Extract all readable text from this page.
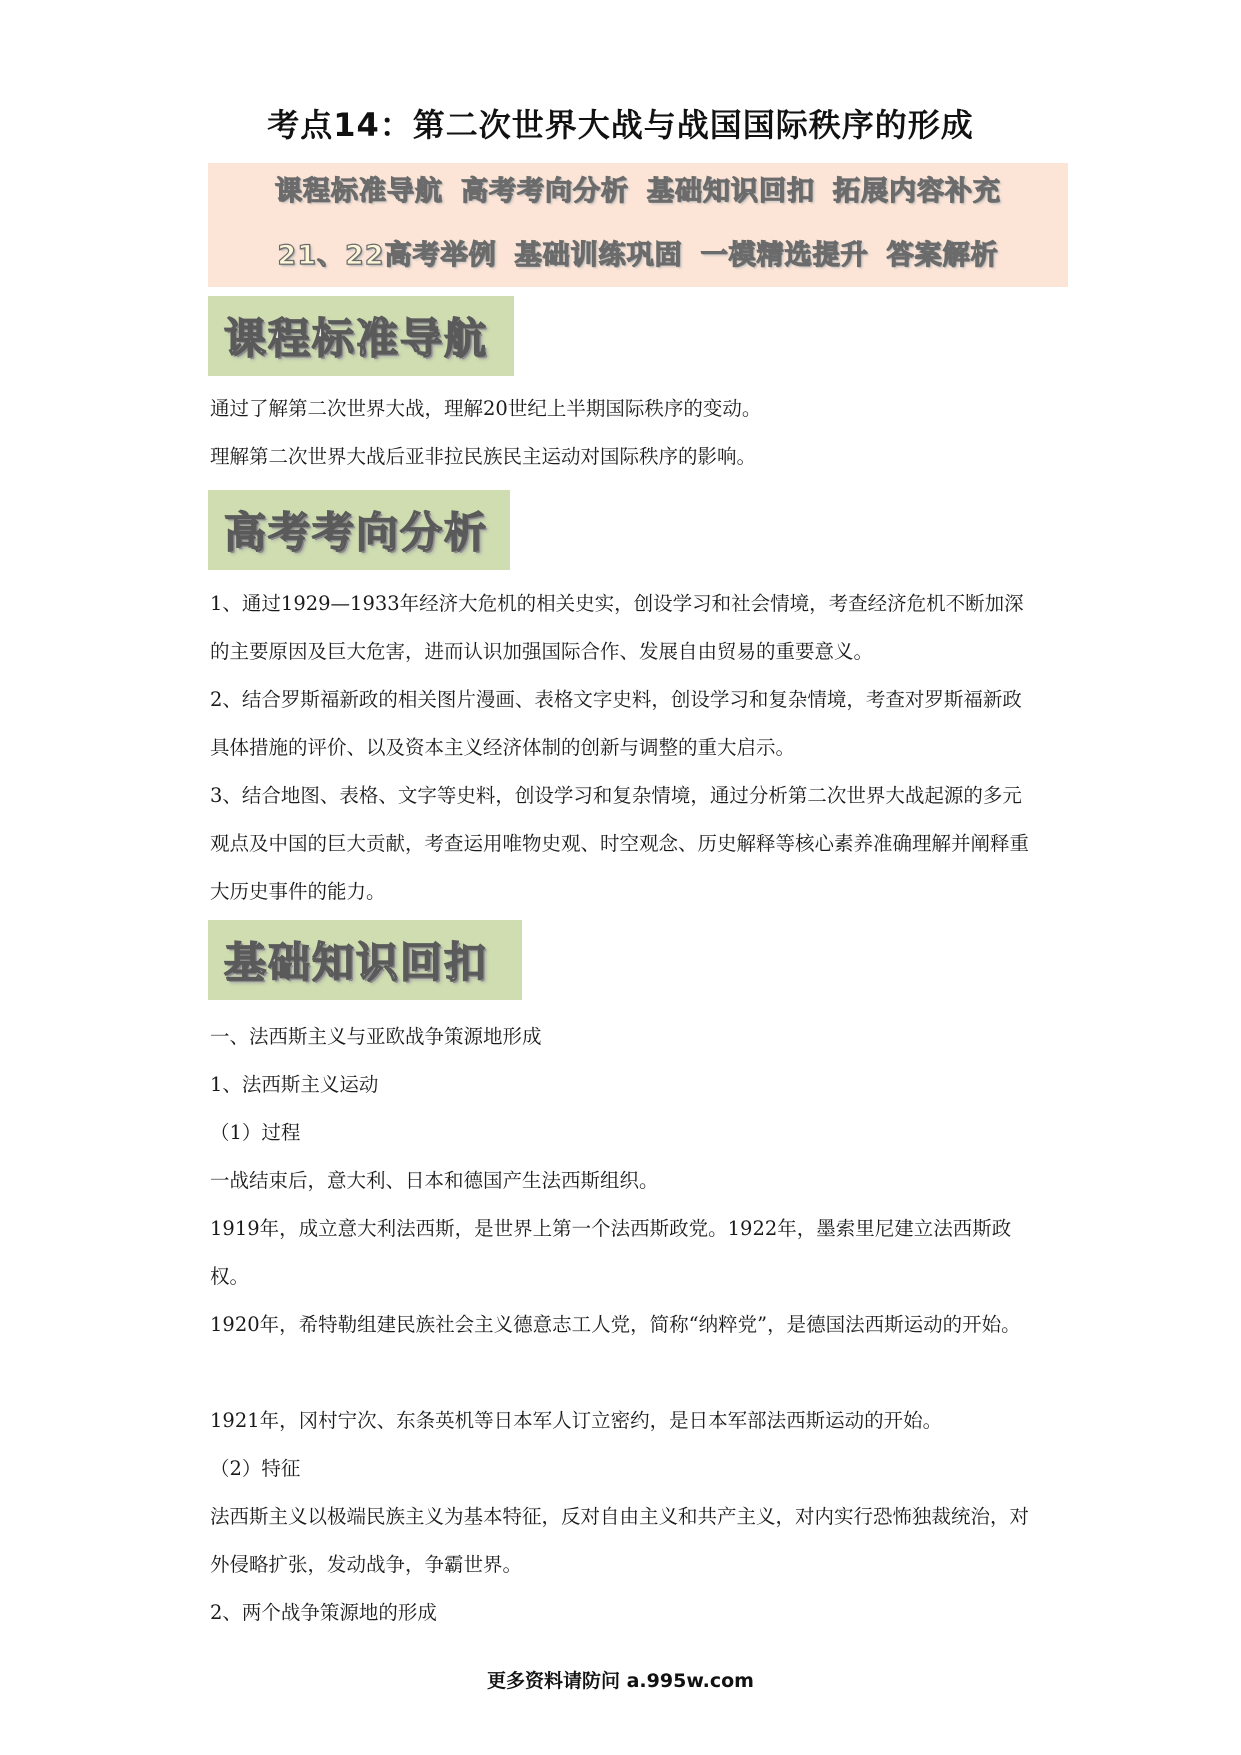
考点14：第二次世界大战与战国国际秩序的形成
课程标准导航 高考考向分析 基础知识回扣 拓展内容补充
21、22高考举例 基础训练巩固 一模精选提升 答案解析
课程标准导航
通过了解第二次世界大战，理解20世纪上半期国际秩序的变动。
理解第二次世界大战后亚非拉民族民主运动对国际秩序的影响。
高考考向分析
1、通过1929—1933年经济大危机的相关史实，创设学习和社会情境，考查经济危机不断加深的主要原因及巨大危害，进而认识加强国际合作、发展自由贸易的重要意义。
2、结合罗斯福新政的相关图片漫画、表格文字史料，创设学习和复杂情境，考查对罗斯福新政具体措施的评价、以及资本主义经济体制的创新与调整的重大启示。
3、结合地图、表格、文字等史料，创设学习和复杂情境，通过分析第二次世界大战起源的多元观点及中国的巨大贡献，考查运用唯物史观、时空观念、历史解释等核心素养准确理解并阐释重大历史事件的能力。
基础知识回扣
一、法西斯主义与亚欧战争策源地形成
1、法西斯主义运动
（1）过程
一战结束后，意大利、日本和德国产生法西斯组织。
1919年，成立意大利法西斯，是世界上第一个法西斯政党。1922年，墨索里尼建立法西斯政权。
1920年，希特勒组建民族社会主义德意志工人党，简称“纳粹党”，是德国法西斯运动的开始。
1921年，冈村宁次、东条英机等日本军人订立密约，是日本军部法西斯运动的开始。
（2）特征
法西斯主义以极端民族主义为基本特征，反对自由主义和共产主义，对内实行恐怖独裁统治，对外侵略扩张，发动战争，争霸世界。
2、两个战争策源地的形成
更多资料请防问 a.995w.com
